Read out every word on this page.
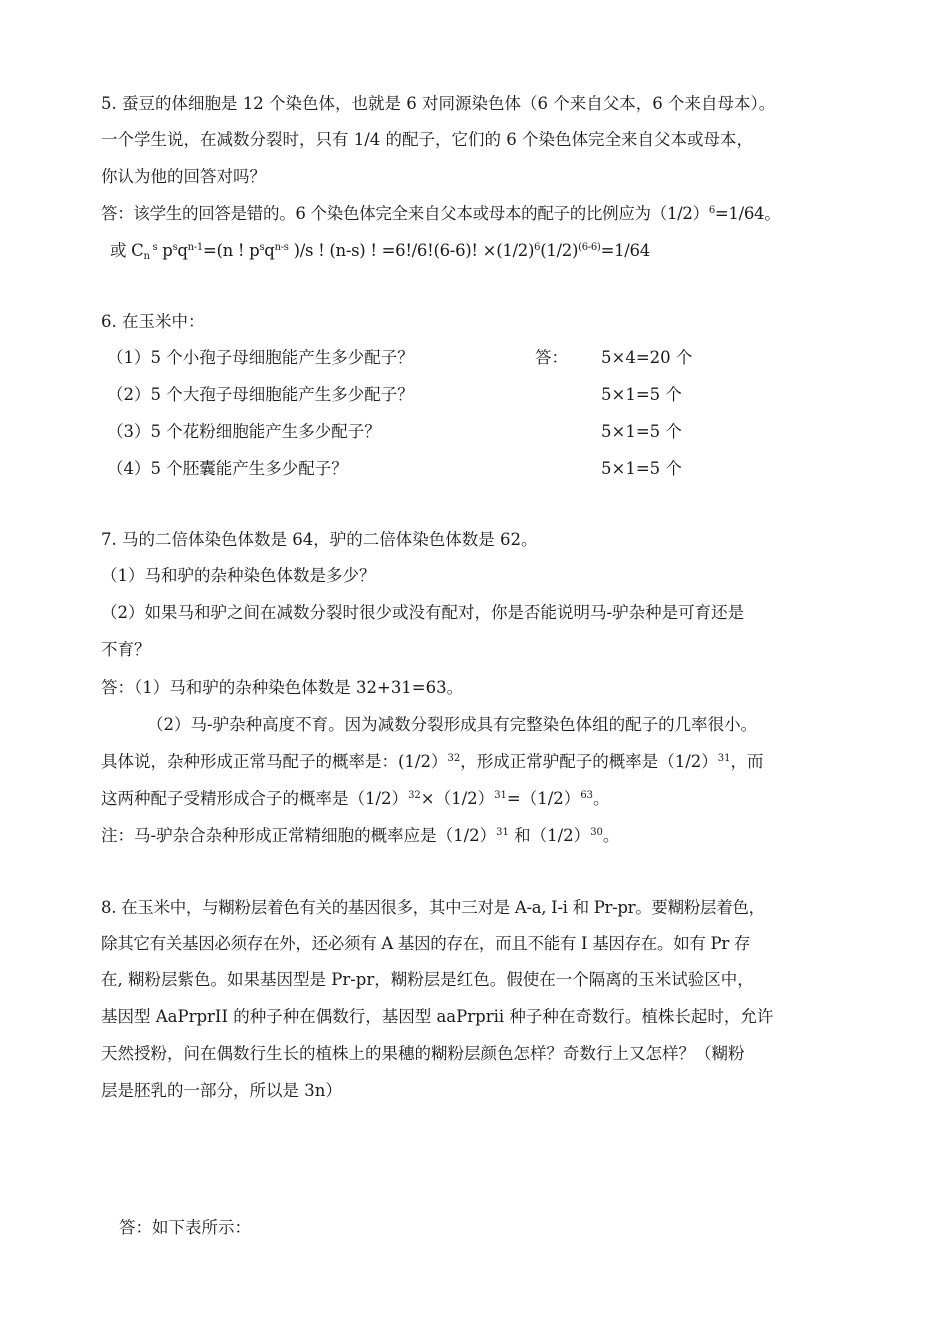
5. 蚕豆的体细胞是 12 个染色体，也就是 6 对同源染色体（6 个来自父本，6 个来自母本）。
一个学生说，在减数分裂时，只有 1/4 的配子，它们的 6 个染色体完全来自父本或母本，
你认为他的回答对吗？
答：该学生的回答是错的。6 个染色体完全来自父本或母本的配子的比例应为$(1/2)^6=1/64$。
或 $C_n$ $^s$ $p^sq^{n-1}=(n$ ! $p^sq^{n-s}$ )/s ! (n-s) ! =6!/6!(6-6)! $\times(1/2)^6(1/2)^{(6-6)}=1/64$
6. 在玉米中：
（1）5 个小孢子母细胞能产生多少配子？	答： 5×4=20 个
（2）5 个大孢子母细胞能产生多少配子？	5×1=5 个
（3）5 个花粉细胞能产生多少配子？	5×1=5 个
（4）5 个胚囊能产生多少配子？	5×1=5 个
7. 马的二倍体染色体数是 64，驴的二倍体染色体数是 62。
（1）马和驴的杂种染色体数是多少？
（2）如果马和驴之间在减数分裂时很少或没有配对，你是否能说明马-驴杂种是可育还是
不育？
答：（1）马和驴的杂种染色体数是 32+31=63。
（2）马-驴杂种高度不育。因为减数分裂形成具有完整染色体组的配子的几率很小。
具体说，杂种形成正常马配子的概率是：(1/2）$^{32}$，形成正常驴配子的概率是$(1/2)^{31}$，而
这两种配子受精形成合子的概率是$(1/2)^{32}\times(1/2)^{31}=(1/2)^{63}$。
注：马-驴杂合杂种形成正常精细胞的概率应是$(1/2)^{31}$ 和$(1/2)^{30}$。
8. 在玉米中，与糊粉层着色有关的基因很多，其中三对是 A-a, I-i 和 Pr-pr。要糊粉层着色，
除其它有关基因必须存在外，还必须有 A 基因的存在，而且不能有 I 基因存在。如有 Pr 存
在, 糊粉层紫色。如果基因型是 Pr-pr，糊粉层是红色。假使在一个隔离的玉米试验区中，
基因型 AaPrprII 的种子种在偶数行，基因型 aaPrprii 种子种在奇数行。植株长起时，允许
天然授粉，问在偶数行生长的植株上的果穗的糊粉层颜色怎样？奇数行上又怎样？（糊粉
层是胚乳的一部分，所以是 3n）
答：如下表所示：
